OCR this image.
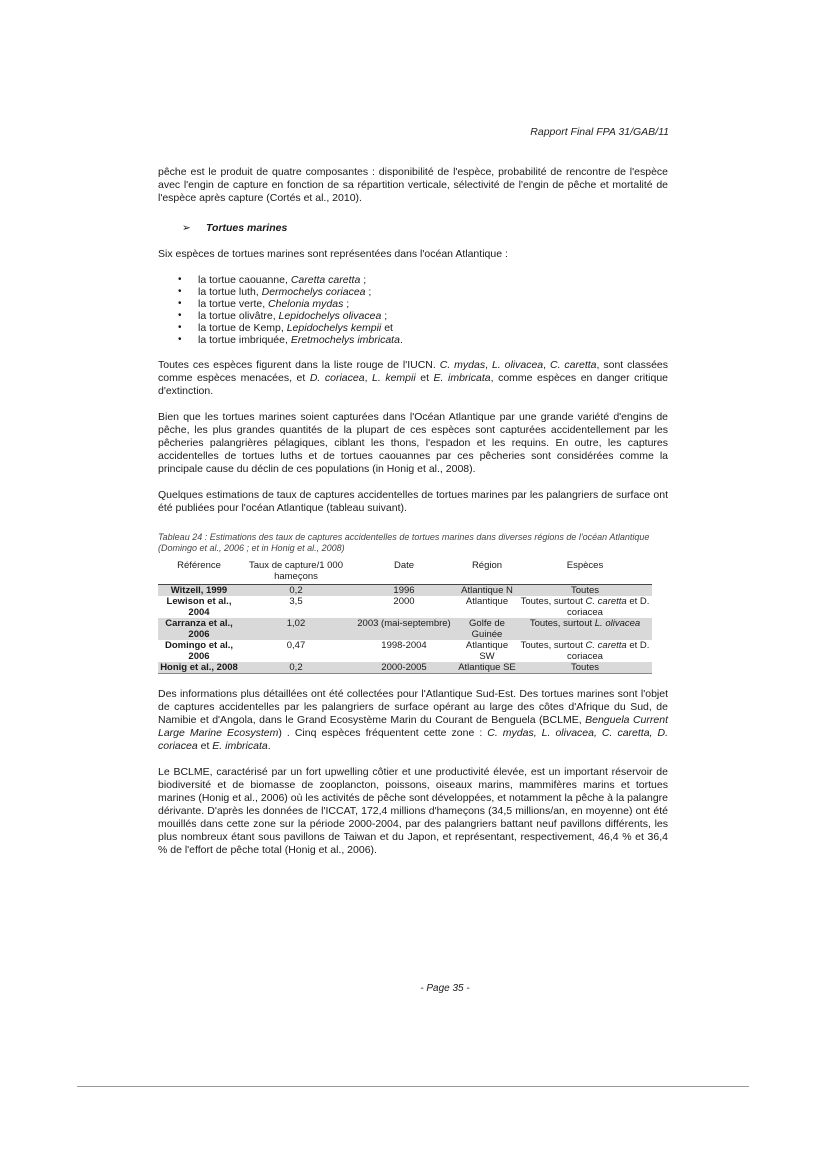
Rapport Final FPA 31/GAB/11

pêche est le produit de quatre composantes : disponibilité de l'espèce, probabilité de rencontre de l'espèce avec l'engin de capture en fonction de sa répartition verticale, sélectivité de l'engin de pêche et mortalité de l'espèce après capture (Cortés et al., 2010).

➢ Tortues marines

Six espèces de tortues marines sont représentées dans l'océan Atlantique :

• la tortue caouanne, Caretta caretta ;
• la tortue luth, Dermochelys coriacea ;
• la tortue verte, Chelonia mydas ;
• la tortue olivâtre, Lepidochelys olivacea ;
• la tortue de Kemp, Lepidochelys kempii et
• la tortue imbriquée, Eretmochelys imbricata.

Toutes ces espèces figurent dans la liste rouge de l'IUCN. C. mydas, L. olivacea, C. caretta, sont classées comme espèces menacées, et D. coriacea, L. kempii et E. imbricata, comme espèces en danger critique d'extinction.

Bien que les tortues marines soient capturées dans l'Océan Atlantique par une grande variété d'engins de pêche, les plus grandes quantités de la plupart de ces espèces sont capturées accidentellement par les pêcheries palangrières pélagiques, ciblant les thons, l'espadon et les requins. En outre, les captures accidentelles de tortues luths et de tortues caouannes par ces pêcheries sont considérées comme la principale cause du déclin de ces populations (in Honig et al., 2008).

Quelques estimations de taux de captures accidentelles de tortues marines par les palangriers de surface ont été publiées pour l'océan Atlantique (tableau suivant).

Tableau 24 : Estimations des taux de captures accidentelles de tortues marines dans diverses régions de l'océan Atlantique (Domingo et al., 2006 ; et in Honig et al., 2008)
Référence	Taux de capture/1 000 hameçons	Date	Région	Espèces
Witzell, 1999	0,2	1996	Atlantique N	Toutes
Lewison et al., 2004	3,5	2000	Atlantique	Toutes, surtout C. caretta et D. coriacea
Carranza et al., 2006	1,02	2003 (mai-septembre)	Golfe de Guinée	Toutes, surtout L. olivacea
Domingo et al., 2006	0,47	1998-2004	Atlantique SW	Toutes, surtout C. caretta et D. coriacea
Honig et al., 2008	0,2	2000-2005	Atlantique SE	Toutes

Des informations plus détaillées ont été collectées pour l'Atlantique Sud-Est. Des tortues marines sont l'objet de captures accidentelles par les palangriers de surface opérant au large des côtes d'Afrique du Sud, de Namibie et d'Angola, dans le Grand Ecosystème Marin du Courant de Benguela (BCLME, Benguela Current Large Marine Ecosystem) . Cinq espèces fréquentent cette zone : C. mydas, L. olivacea, C. caretta, D. coriacea et E. imbricata.

Le BCLME, caractérisé par un fort upwelling côtier et une productivité élevée, est un important réservoir de biodiversité et de biomasse de zooplancton, poissons, oiseaux marins, mammifères marins et tortues marines (Honig et al., 2006) où les activités de pêche sont développées, et notamment la pêche à la palangre dérivante. D'après les données de l'ICCAT, 172,4 millions d'hameçons (34,5 millions/an, en moyenne) ont été mouillés dans cette zone sur la période 2000-2004, par des palangriers battant neuf pavillons différents, les plus nombreux étant sous pavillons de Taiwan et du Japon, et représentant, respectivement, 46,4 % et 36,4 % de l'effort de pêche total (Honig et al., 2006).

- Page 35 -
